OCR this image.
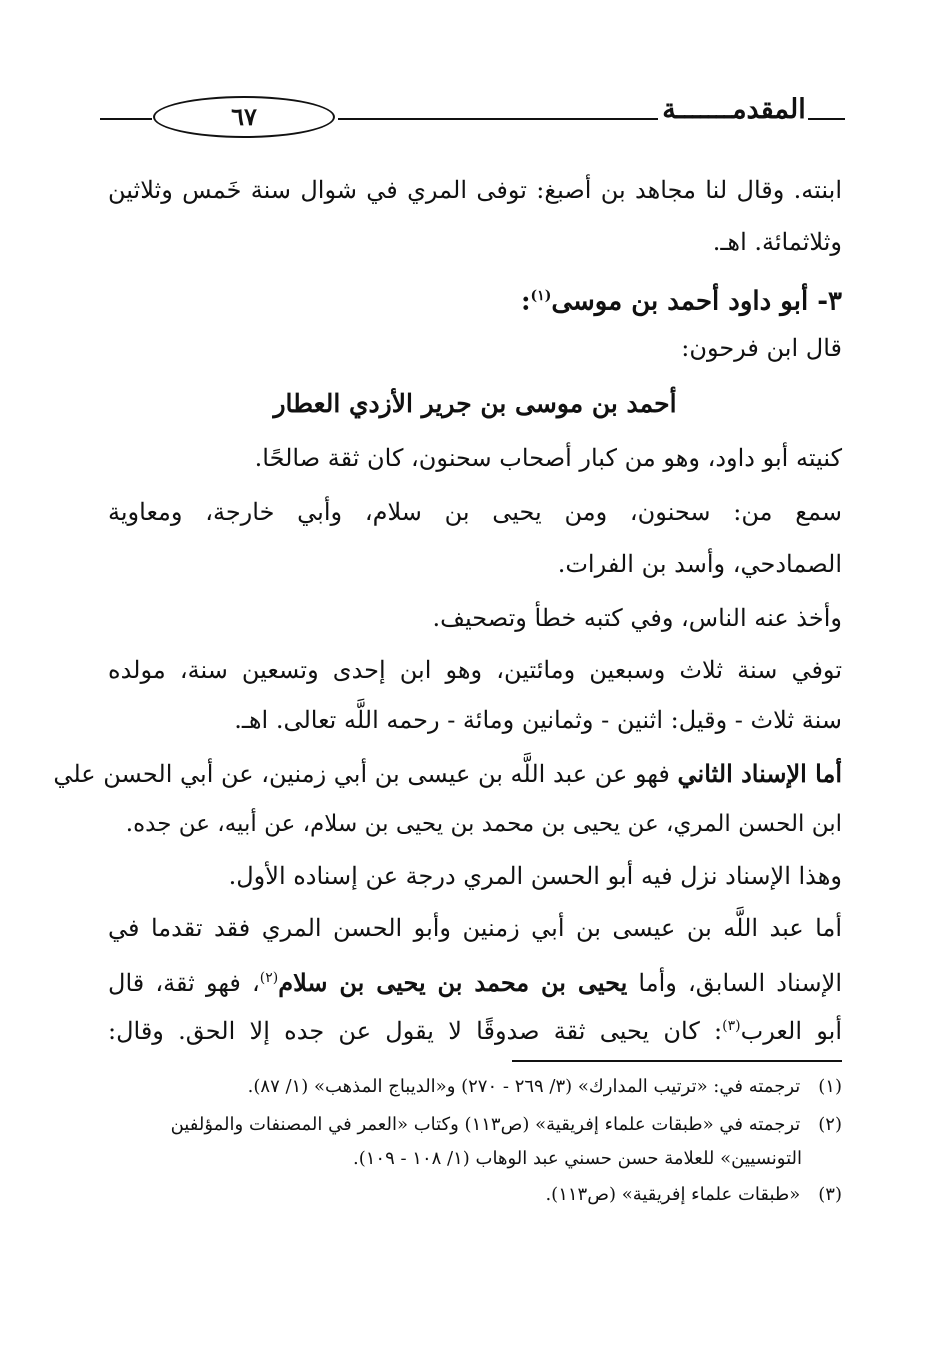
٦٧	المقدمـــــــة
ابنته. وقال لنا مجاهد بن أصبغ: توفى المري في شوال سنة خَمس وثلاثين
وثلاثمائة. اهـ.
٣- أبو داود أحمد بن موسى$^{(١)}$:
قال ابن فرحون:
أحمد بن موسى بن جرير الأزدي العطار
كنيته أبو داود، وهو من كبار أصحاب سحنون، كان ثقة صالحًا.
سمع من: سحنون، ومن يحيى بن سلام، وأبي خارجة، ومعاوية
الصمادحي، وأسد بن الفرات.
وأخذ عنه الناس، وفي كتبه خطأ وتصحيف.
توفي سنة ثلاث وسبعين ومائتين، وهو ابن إحدى وتسعين سنة، مولده
سنة ثلاث - وقيل: اثنين - وثمانين ومائة - رحمه اللَّه تعالى. اهـ.
أما الإسناد الثاني فهو عن عبد اللَّه بن عيسى بن أبي زمنين، عن أبي الحسن علي
ابن الحسن المري، عن يحيى بن محمد بن يحيى بن سلام، عن أبيه، عن جده.
وهذا الإسناد نزل فيه أبو الحسن المري درجة عن إسناده الأول.
أما عبد اللَّه بن عيسى بن أبي زمنين وأبو الحسن المري فقد تقدما في
الإسناد السابق، وأما يحيى بن محمد بن يحيى بن سلام$^{(٢)}$، فهو ثقة، قال
أبو العرب$^{(٣)}$: كان يحيى ثقة صدوقًا لا يقول عن جده إلا الحق. وقال:
(١) ترجمته في: «ترتيب المدارك» (٣/ ٢٦٩ - ٢٧٠) و«الديباج المذهب» (١/ ٨٧).
(٢) ترجمته في «طبقات علماء إفريقية» (ص١١٣) وكتاب «العمر في المصنفات والمؤلفين
التونسيين» للعلامة حسن حسني عبد الوهاب (١/ ١٠٨ - ١٠٩).
(٣) «طبقات علماء إفريقية» (ص١١٣).
